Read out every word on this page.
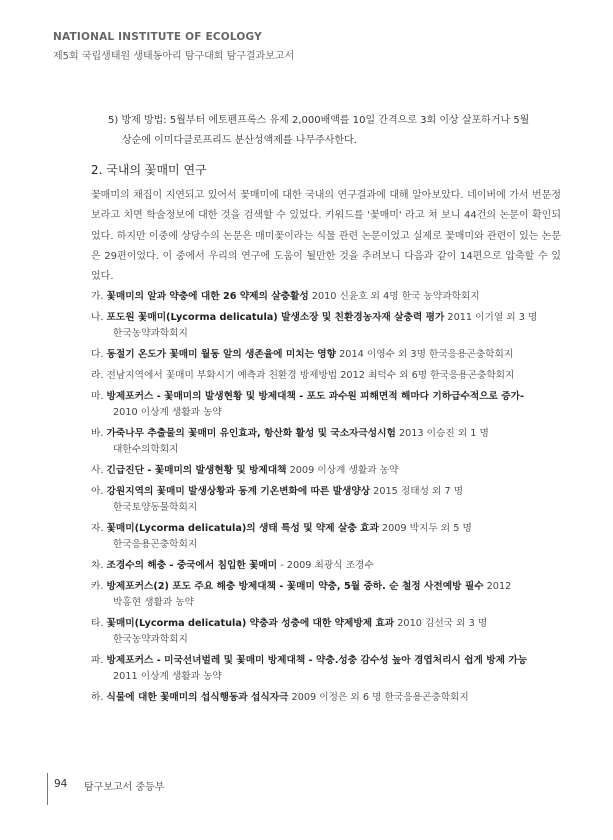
NATIONAL INSTITUTE OF ECOLOGY
제5회 국립생태원 생태동아리 탐구대회 탐구결과보고서
5) 방제 방법: 5월부터 에토펜프록스 유제 2,000배액를 10일 간격으로 3회 이상 살포하거나 5월
상순에 이미다클로프리드 분산성액제를 나무주사한다.
2. 국내의 꽃매미 연구
꽃매미의 채집이 지연되고 있어서 꽃매미에 대한 국내의 연구결과에 대해 알아보았다. 네이버에 가서 번문정보라고 치면 학술정보에 대한 것을 검색할 수 있었다. 키워드를 '꽃매미' 라고 쳐 보니 44건의 논문이 확인되었다. 하지만 이중에 상당수의 논문은 매미꽃이라는 식물 관련 논문이었고 실제로 꽃매미와 관련이 있는 논문은 29편이었다. 이 중에서 우리의 연구에 도움이 될만한 것을 추려보니 다음과 같이 14편으로 압축할 수 있었다.
가. 꽃매미의 알과 약충에 대한 26 약제의 살충활성 2010 신윤호 외 4명 한국 농약과학회지
나. 포도원 꽃매미(Lycorma delicatula) 발생소장 및 친환경농자재 살충력 평가 2011 이기열 외 3 명
한국농약과학회지
다. 동절기 온도가 꽃매미 월동 알의 생존율에 미치는 영향 2014 이영수 외 3명 한국응용곤충학회지
라. 전남지역에서 꽃매미 부화시기 예측과 친환경 방제방법 2012 최덕수 외 6명 한국응용곤충학회지
마. 방제포커스 - 꽃매미의 발생현황 및 방제대책 - 포도 과수원 피해면적 해마다 기하급수적으로 증가-
2010 이상계 생활과 농약
바. 가죽나무 추출물의 꽃매미 유인효과, 항산화 활성 및 국소자극성시험 2013 이승진 외 1 명
대한수의학회지
사. 긴급진단 - 꽃매미의 발생현황 및 방제대책 2009 이상계 생활과 농약
아. 강원지역의 꽃매미 발생상황과 동계 기온변화에 따른 발생양상 2015 정태성 외 7 명
한국토양동물학회지
자. 꽃매미(Lycorma delicatula)의 생태 특성 및 약제 살충 효과 2009 박지두 외 5 명
한국응용곤충학회지
차. 조경수의 해충 - 중국에서 침입한 꽃매미 - 2009 최광식 조경수
카. 방제포커스(2) 포도 주요 해충 방제대책 - 꽃매미 약충, 5월 중하. 순 철정 사전예방 필수 2012
박홍현 생활과 농약
타. 꽃매미(Lycorma delicatula) 약충과 성충에 대한 약제방제 효과 2010 김선국 외 3 명
한국농약과학회지
파. 방제포커스 - 미국선녀벌레 및 꽃매미 방제대책 - 약충.성충 감수성 높아 경엽처리시 쉽게 방제 가능
2011 이상계 생활과 농약
하. 식물에 대한 꽃매미의 섭식행동과 섭식자극 2009 이정은 외 6 명 한국응용곤충학회지
94 탐구보고서 중등부
